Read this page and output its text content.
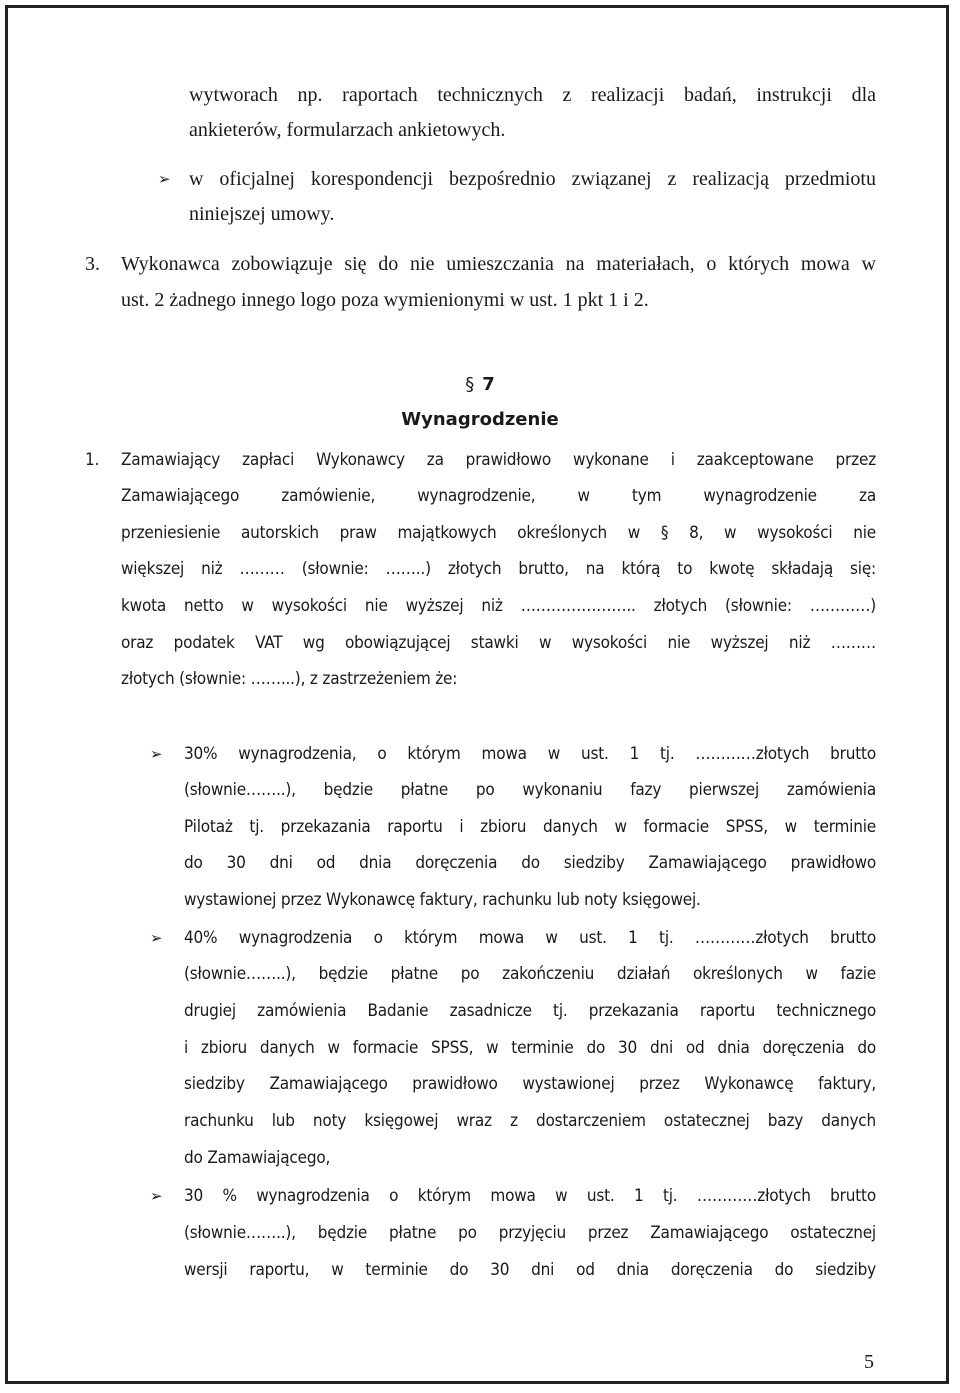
wytworach np. raportach technicznych z realizacji badań, instrukcji dla

ankieterów, formularzach ankietowych.

➢ w oficjalnej korespondencji bezpośrednio związanej z realizacją przedmiotu

niniejszej umowy.

3. Wykonawca zobowiązuje się do nie umieszczania na materiałach, o których mowa w

ust. 2 żadnego innego logo poza wymienionymi w ust. 1 pkt 1 i 2.

§ 7
Wynagrodzenie
1. Zamawiający zapłaci Wykonawcy za prawidłowo wykonane i zaakceptowane przez

Zamawiającego zamówienie, wynagrodzenie, w tym wynagrodzenie za

przeniesienie autorskich praw majątkowych określonych w § 8, w wysokości nie

większej niż ……… (słownie: ……..) złotych brutto, na którą to kwotę składają się:

kwota netto w wysokości nie wyższej niż ………………….. złotych (słownie: …………)

oraz podatek VAT wg obowiązującej stawki w wysokości nie wyższej niż ………

złotych (słownie: ……...), z zastrzeżeniem że:

➢ 30% wynagrodzenia, o którym mowa w ust. 1 tj. …………złotych brutto

(słownie……..), będzie płatne po wykonaniu fazy pierwszej zamówienia

Pilotaż tj. przekazania raportu i zbioru danych w formacie SPSS, w terminie

do 30 dni od dnia doręczenia do siedziby Zamawiającego prawidłowo

wystawionej przez Wykonawcę faktury, rachunku lub noty księgowej.

➢ 40% wynagrodzenia o którym mowa w ust. 1 tj. …………złotych brutto

(słownie……..), będzie płatne po zakończeniu działań określonych w fazie

drugiej zamówienia Badanie zasadnicze tj. przekazania raportu technicznego

i zbioru danych w formacie SPSS, w terminie do 30 dni od dnia doręczenia do

siedziby Zamawiającego prawidłowo wystawionej przez Wykonawcę faktury,

rachunku lub noty księgowej wraz z dostarczeniem ostatecznej bazy danych

do Zamawiającego,

➢ 30 % wynagrodzenia o którym mowa w ust. 1 tj. …………złotych brutto

(słownie……..), będzie płatne po przyjęciu przez Zamawiającego ostatecznej

wersji raportu, w terminie do 30 dni od dnia doręczenia do siedziby

5
